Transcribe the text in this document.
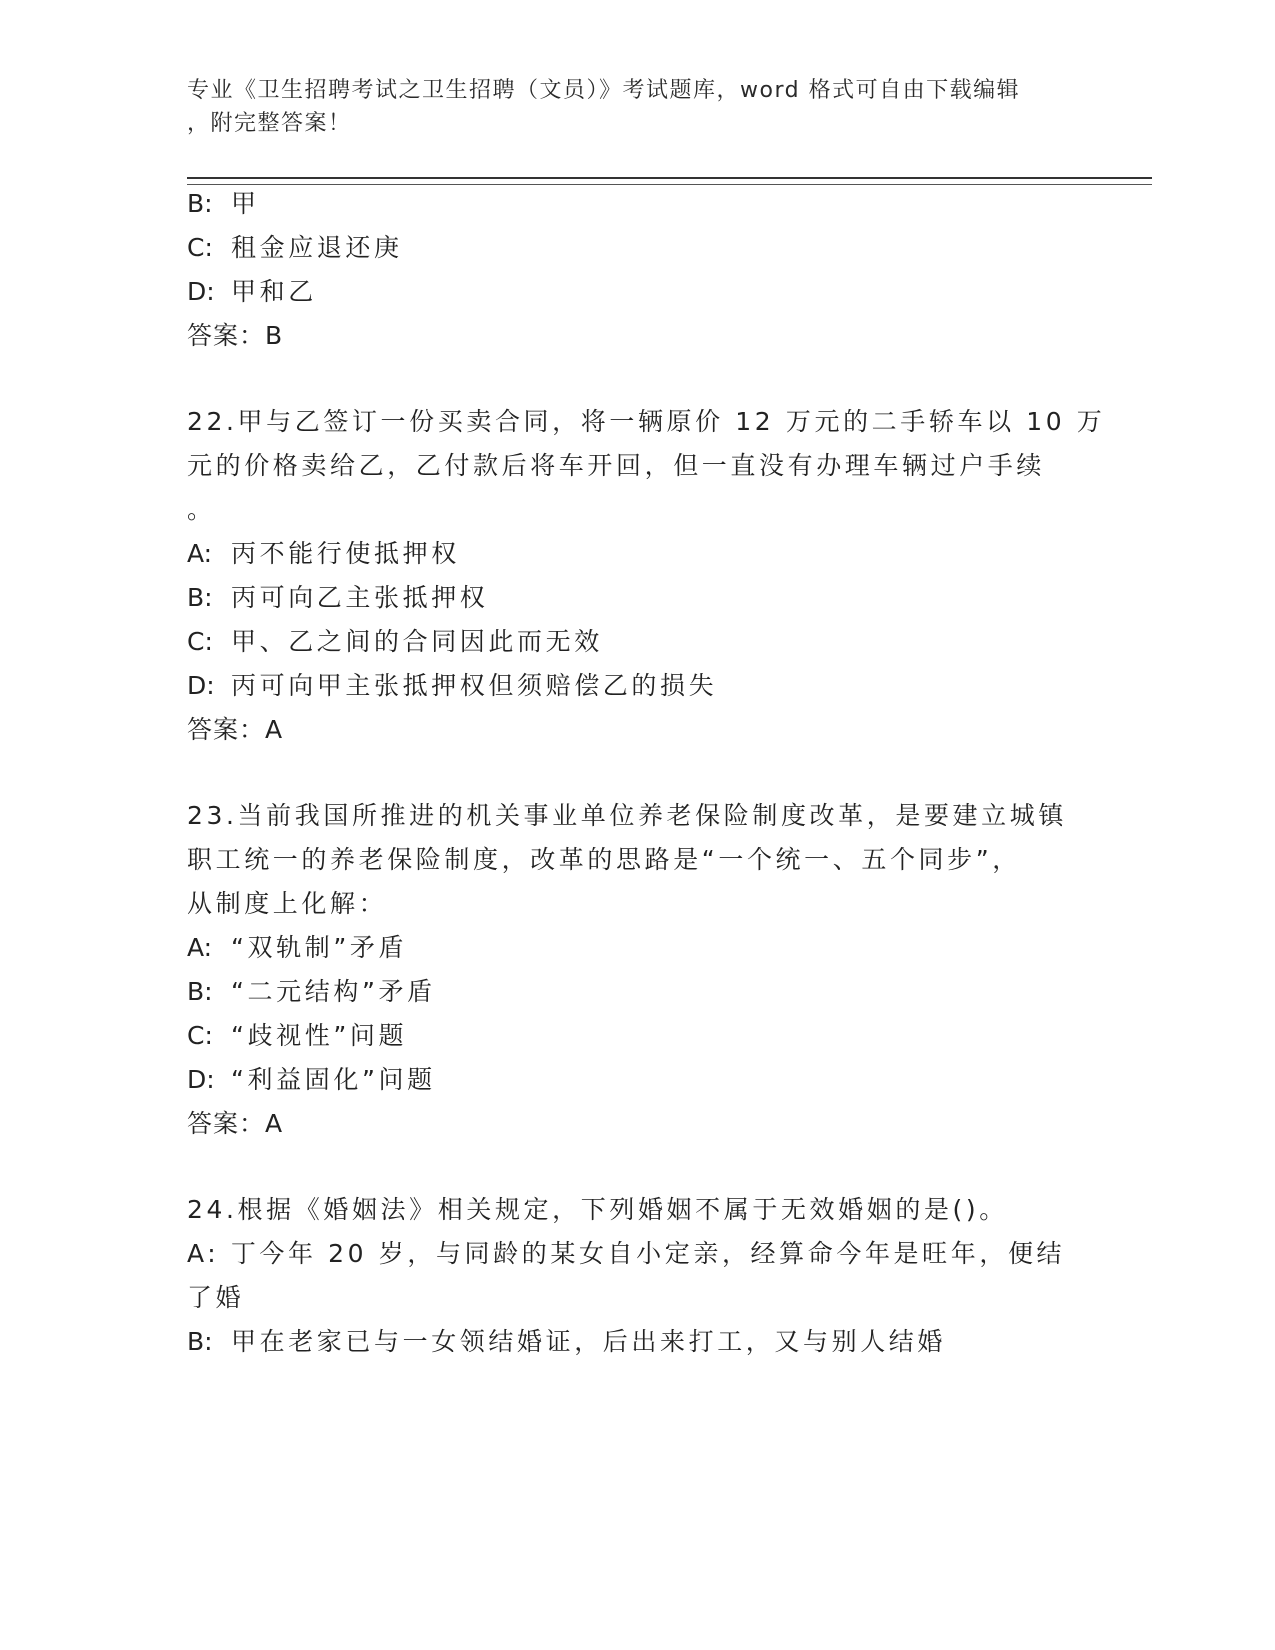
专业《卫生招聘考试之卫生招聘（文员）》考试题库，word 格式可自由下载编辑
，附完整答案！
B: 甲
C: 租金应退还庚
D: 甲和乙
答案：B
22.甲与乙签订一份买卖合同，将一辆原价 12 万元的二手轿车以 10 万
元的价格卖给乙，乙付款后将车开回，但一直没有办理车辆过户手续
。
A: 丙不能行使抵押权
B: 丙可向乙主张抵押权
C: 甲、乙之间的合同因此而无效
D: 丙可向甲主张抵押权但须赔偿乙的损失
答案：A
23.当前我国所推进的机关事业单位养老保险制度改革，是要建立城镇
职工统一的养老保险制度，改革的思路是“一个统一、五个同步”，
从制度上化解：
A: “双轨制”矛盾
B: “二元结构”矛盾
C: “歧视性”问题
D: “利益固化”问题
答案：A
24.根据《婚姻法》相关规定，下列婚姻不属于无效婚姻的是()。
A: 丁今年 20 岁，与同龄的某女自小定亲，经算命今年是旺年，便结
了婚
B: 甲在老家已与一女领结婚证，后出来打工，又与别人结婚
